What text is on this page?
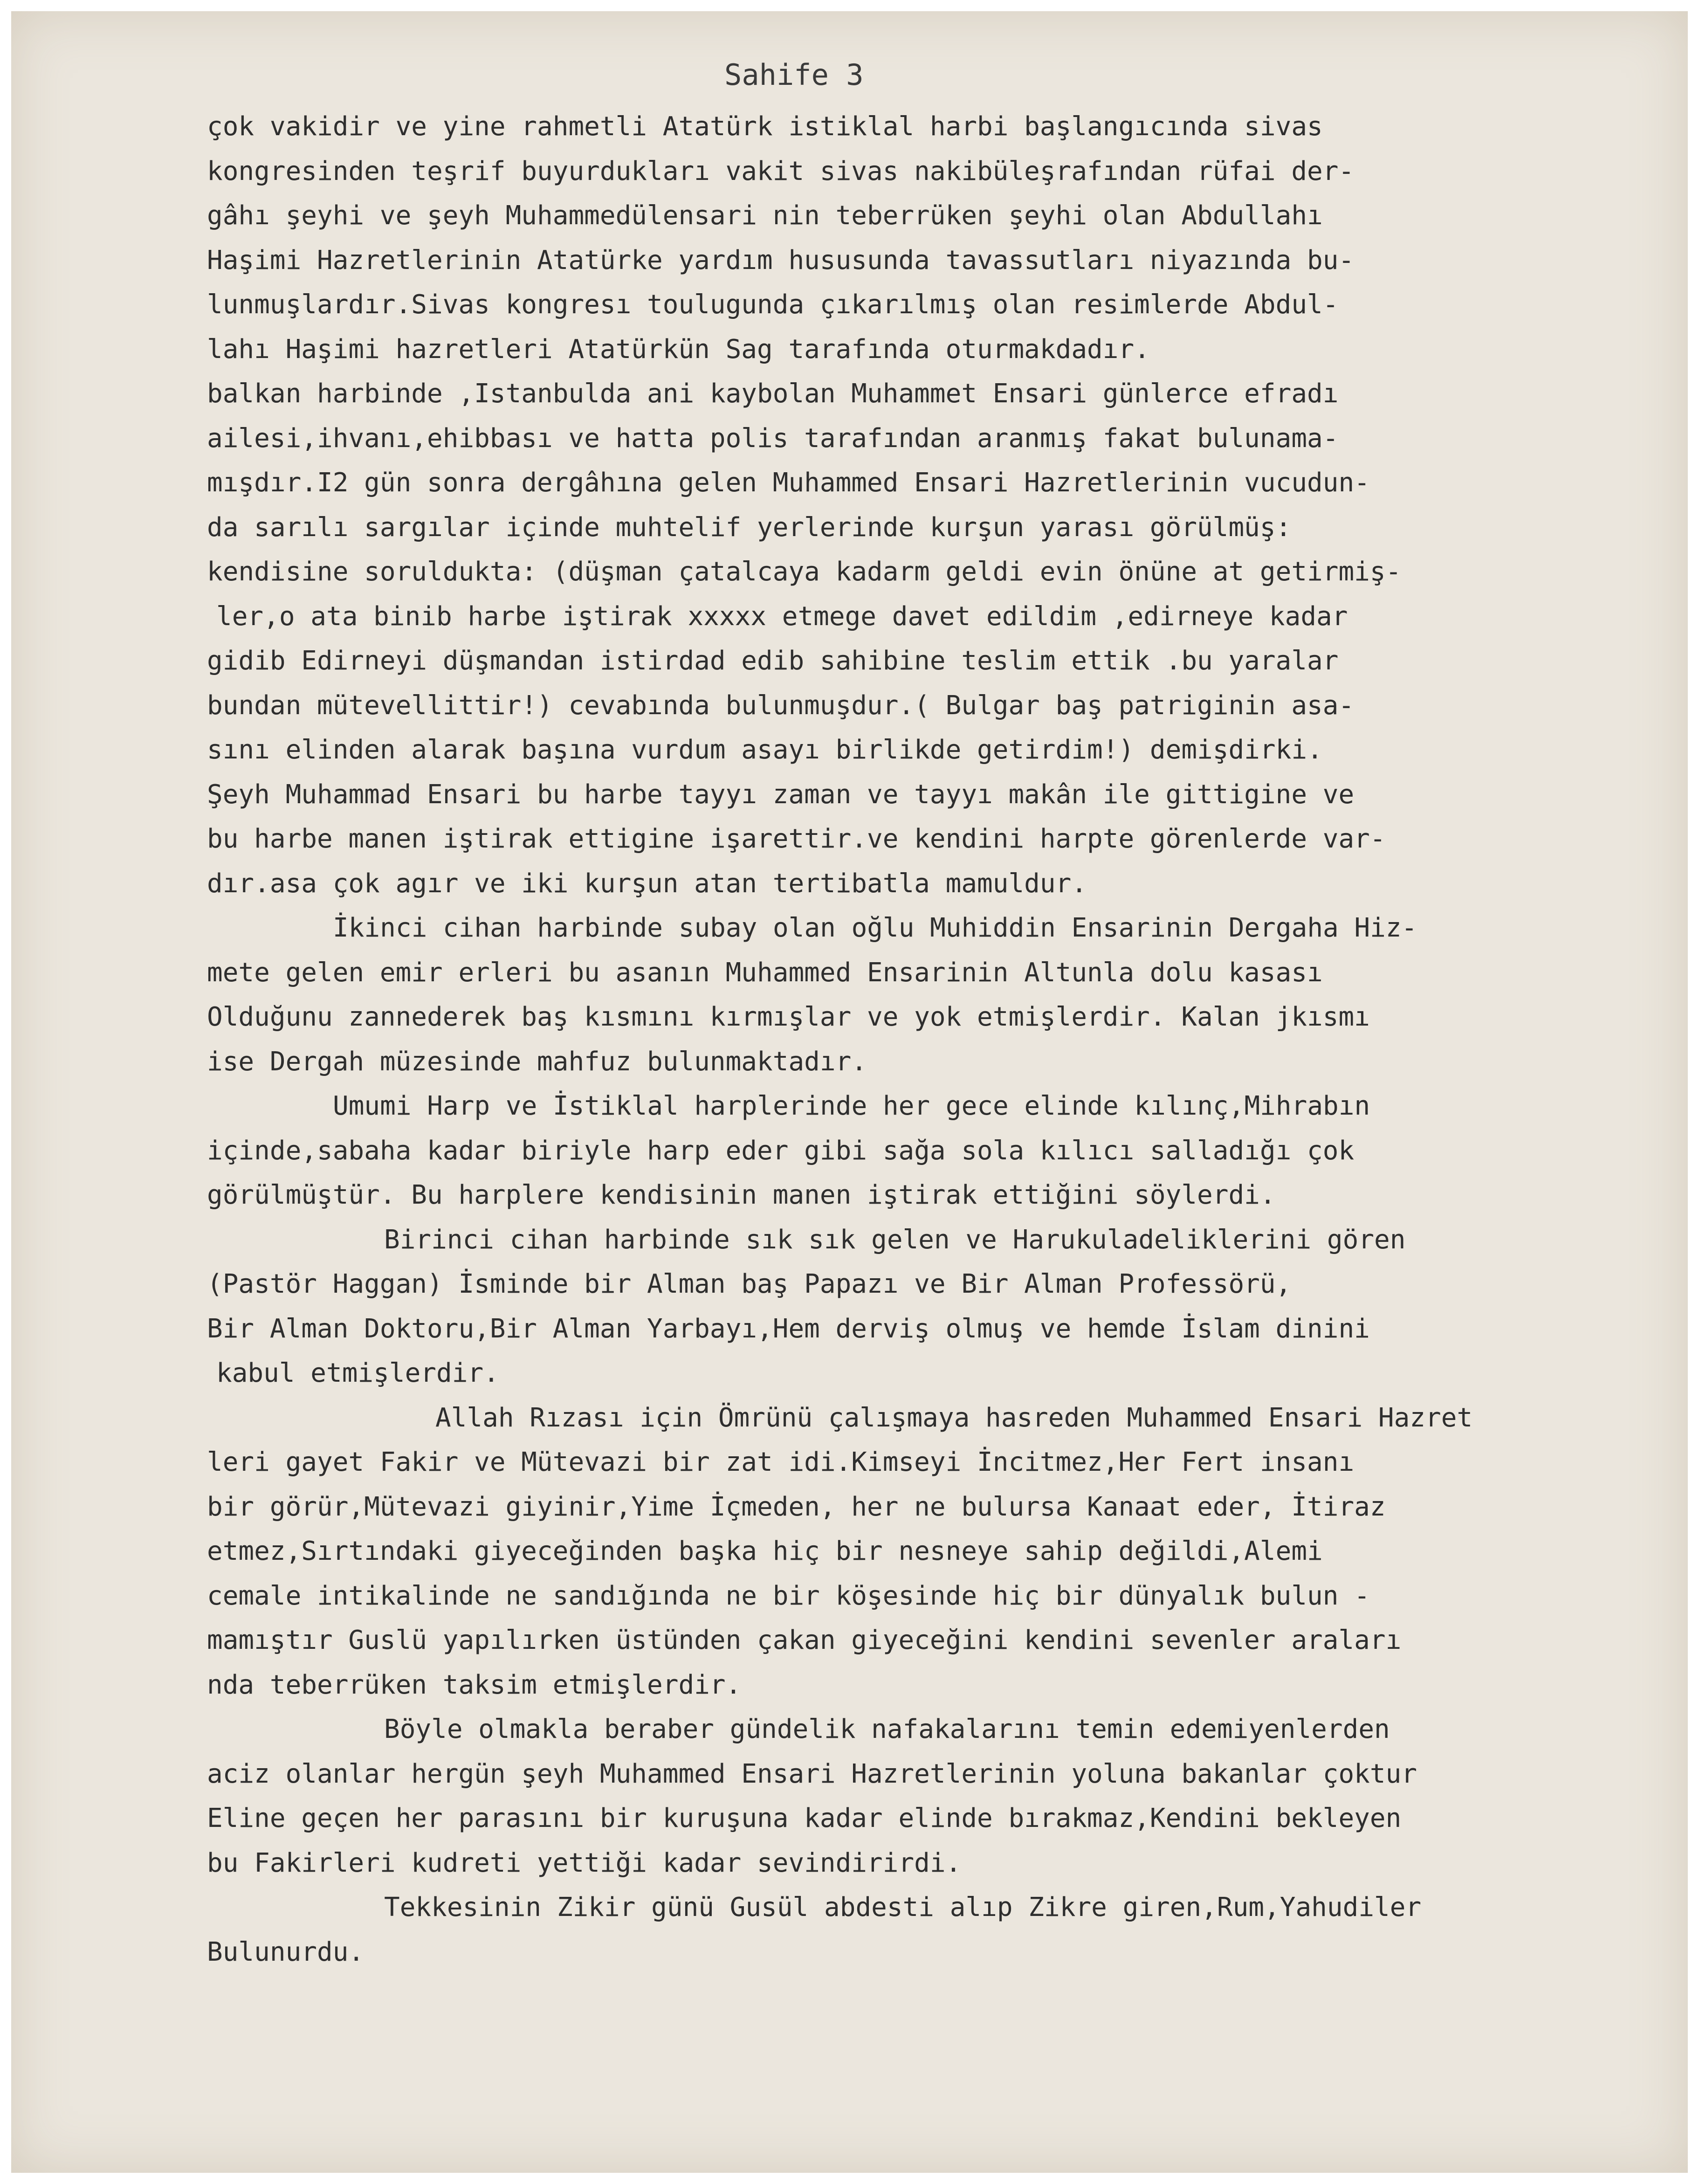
Sahife 3
çok vakidir ve yine rahmetli Atatürk istiklal harbi başlangıcında sivas
kongresinden teşrif buyurdukları vakit sivas nakibüleşrafından rüfai der-
gâhı şeyhi ve şeyh Muhammedülensari nin teberrüken şeyhi olan Abdullahı
Haşimi Hazretlerinin Atatürke yardım hususunda tavassutları niyazında bu-
lunmuşlardır.Sivas kongresı toulugunda çıkarılmış olan resimlerde Abdul-
lahı Haşimi hazretleri Atatürkün Sag tarafında oturmakdadır.
balkan harbinde ,Istanbulda ani kaybolan Muhammet Ensari günlerce efradı
ailesi,ihvanı,ehibbası ve hatta polis tarafından aranmış fakat bulunama-
mışdır.I2 gün sonra dergâhına gelen Muhammed Ensari Hazretlerinin vucudun-
da sarılı sargılar içinde muhtelif yerlerinde kurşun yarası görülmüş:
kendisine soruldukta: (düşman çatalcaya kadarm geldi evin önüne at getirmiş-
ler,o ata binib harbe iştirak xxxxx etmege davet edildim ,edirneye kadar
gidib Edirneyi düşmandan istirdad edib sahibine teslim ettik .bu yaralar
bundan mütevellittir!) cevabında bulunmuşdur.( Bulgar baş patriginin asa-
sını elinden alarak başına vurdum asayı birlikde getirdim!) demişdirki.
Şeyh Muhammad Ensari bu harbe tayyı zaman ve tayyı makân ile gittigine ve
bu harbe manen iştirak ettigine işarettir.ve kendini harpte görenlerde var-
dır.asa çok agır ve iki kurşun atan tertibatla mamuldur.
İkinci cihan harbinde subay olan oğlu Muhiddin Ensarinin Dergaha Hiz-
mete gelen emir erleri bu asanın Muhammed Ensarinin Altunla dolu kasası
Olduğunu zannederek baş kısmını kırmışlar ve yok etmişlerdir. Kalan jkısmı
ise Dergah müzesinde mahfuz bulunmaktadır.
Umumi Harp ve İstiklal harplerinde her gece elinde kılınç,Mihrabın
içinde,sabaha kadar biriyle harp eder gibi sağa sola kılıcı salladığı çok
görülmüştür. Bu harplere kendisinin manen iştirak ettiğini söylerdi.
Birinci cihan harbinde sık sık gelen ve Harukuladeliklerini gören
(Pastör Haggan) İsminde bir Alman baş Papazı ve Bir Alman Professörü,
Bir Alman Doktoru,Bir Alman Yarbayı,Hem derviş olmuş ve hemde İslam dinini
kabul etmişlerdir.
Allah Rızası için Ömrünü çalışmaya hasreden Muhammed Ensari Hazret
leri gayet Fakir ve Mütevazi bir zat idi.Kimseyi İncitmez,Her Fert insanı
bir görür,Mütevazi giyinir,Yime İçmeden, her ne bulursa Kanaat eder, İtiraz
etmez,Sırtındaki giyeceğinden başka hiç bir nesneye sahip değildi,Alemi
cemale intikalinde ne sandığında ne bir köşesinde hiç bir dünyalık bulun -
mamıştır Guslü yapılırken üstünden çakan giyeceğini kendini sevenler araları
nda teberrüken taksim etmişlerdir.
Böyle olmakla beraber gündelik nafakalarını temin edemiyenlerden
aciz olanlar hergün şeyh Muhammed Ensari Hazretlerinin yoluna bakanlar çoktur
Eline geçen her parasını bir kuruşuna kadar elinde bırakmaz,Kendini bekleyen
bu Fakirleri kudreti yettiği kadar sevindirirdi.
Tekkesinin Zikir günü Gusül abdesti alıp Zikre giren,Rum,Yahudiler
Bulunurdu.
